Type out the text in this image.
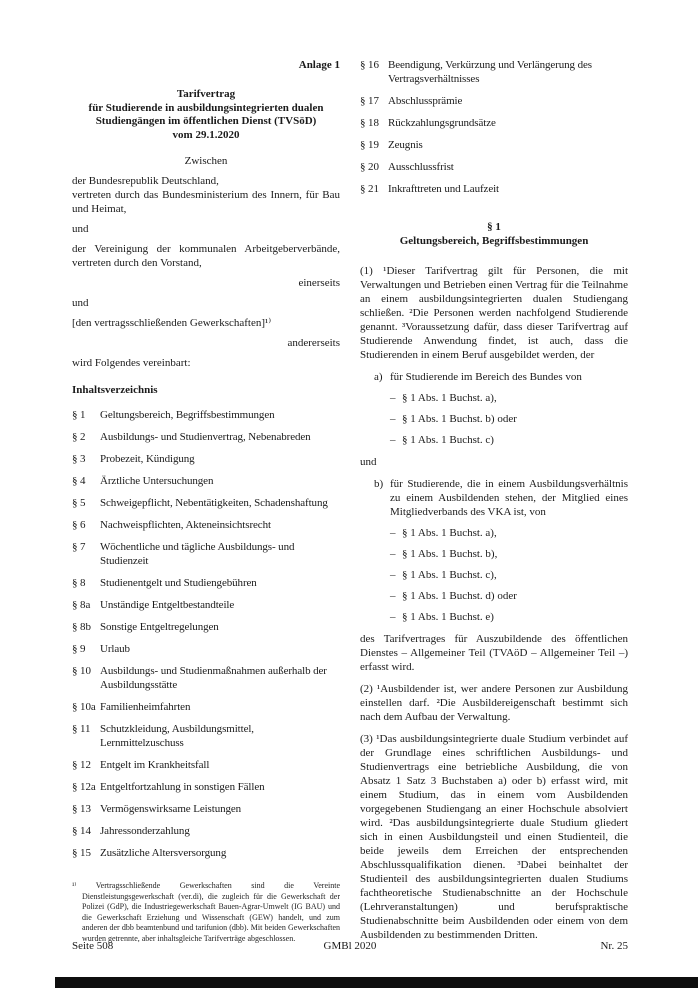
Anlage 1
Tarifvertrag
für Studierende in ausbildungsintegrierten dualen
Studiengängen im öffentlichen Dienst (TVSöD)
vom 29.1.2020
Zwischen
der Bundesrepublik Deutschland,
vertreten durch das Bundesministerium des Innern, für Bau und Heimat,
und
der Vereinigung der kommunalen Arbeitgeberverbände, vertreten durch den Vorstand,
einerseits
und
[den vertragsschließenden Gewerkschaften]¹⁾
andererseits
wird Folgendes vereinbart:
Inhaltsverzeichnis
§ 1	Geltungsbereich, Begriffsbestimmungen
§ 2	Ausbildungs- und Studienvertrag, Nebenabreden
§ 3	Probezeit, Kündigung
§ 4	Ärztliche Untersuchungen
§ 5	Schweigepflicht, Nebentätigkeiten, Schadenshaftung
§ 6	Nachweispflichten, Akteneinsichtsrecht
§ 7	Wöchentliche und tägliche Ausbildungs- und Studienzeit
§ 8	Studienentgelt und Studiengebühren
§ 8a Unständige Entgeltbestandteile
§ 8b Sonstige Entgeltregelungen
§ 9	Urlaub
§ 10 Ausbildungs- und Studienmaßnahmen außerhalb der Ausbildungsstätte
§ 10a Familienheimfahrten
§ 11 Schutzkleidung, Ausbildungsmittel, Lernmittelzuschuss
§ 12 Entgelt im Krankheitsfall
§ 12a Entgeltfortzahlung in sonstigen Fällen
§ 13 Vermögenswirksame Leistungen
§ 14 Jahressonderzahlung
§ 15 Zusätzliche Altersversorgung
¹⁾ Vertragsschließende Gewerkschaften sind die Vereinte Dienstleistungsgewerkschaft (ver.di), die zugleich für die Gewerkschaft der Polizei (GdP), die Industriegewerkschaft Bauen-Agrar-Umwelt (IG BAU) und die Gewerkschaft Erziehung und Wissenschaft (GEW) handelt, und zum anderen der dbb beamtenbund und tarifunion (dbb). Mit beiden Gewerkschaften wurden getrennte, aber inhaltsgleiche Tarifverträge abgeschlossen.
§ 16 Beendigung, Verkürzung und Verlängerung des Vertragsverhältnisses
§ 17 Abschlussprämie
§ 18 Rückzahlungsgrundsätze
§ 19 Zeugnis
§ 20 Ausschlussfrist
§ 21 Inkrafttreten und Laufzeit
§ 1
Geltungsbereich, Begriffsbestimmungen

(1) ¹Dieser Tarifvertrag gilt für Personen, die mit Verwaltungen und Betrieben einen Vertrag für die Teilnahme an einem ausbildungsintegrierten dualen Studiengang schließen. ²Die Personen werden nachfolgend Studierende genannt. ³Voraussetzung dafür, dass dieser Tarifvertrag auf Studierende Anwendung findet, ist auch, dass die Studierenden in einem Beruf ausgebildet werden, der

a) für Studierende im Bereich des Bundes von
– § 1 Abs. 1 Buchst. a),
– § 1 Abs. 1 Buchst. b) oder
– § 1 Abs. 1 Buchst. c)

und

b) für Studierende, die in einem Ausbildungsverhältnis zu einem Ausbildenden stehen, der Mitglied eines Mitgliedverbands des VKA ist, von
– § 1 Abs. 1 Buchst. a),
– § 1 Abs. 1 Buchst. b),
– § 1 Abs. 1 Buchst. c),
– § 1 Abs. 1 Buchst. d) oder
– § 1 Abs. 1 Buchst. e)

des Tarifvertrages für Auszubildende des öffentlichen Dienstes – Allgemeiner Teil (TVAöD – Allgemeiner Teil –) erfasst wird.

(2) ¹Ausbildender ist, wer andere Personen zur Ausbildung einstellen darf. ²Die Ausbildereigenschaft bestimmt sich nach dem Aufbau der Verwaltung.

(3) ¹Das ausbildungsintegrierte duale Studium verbindet auf der Grundlage eines schriftlichen Ausbildungs- und Studienvertrags eine betriebliche Ausbildung, die von Absatz 1 Satz 3 Buchstaben a) oder b) erfasst wird, mit einem Studium, das in einem vom Ausbildenden vorgegebenen Studiengang an einer Hochschule absolviert wird. ²Das ausbildungsintegrierte duale Studium gliedert sich in einen Ausbildungsteil und einen Studienteil, die beide jeweils dem Erreichen der entsprechenden Abschlussqualifikation dienen. ³Dabei beinhaltet der Studienteil des ausbildungsintegrierten dualen Studiums fachtheoretische Studienabschnitte an der Hochschule (Lehrveranstaltungen) und berufspraktische Studienabschnitte beim Ausbildenden oder einem von dem Ausbildenden zu bestimmenden Dritten.

Seite 508	GMBl 2020	Nr. 25
